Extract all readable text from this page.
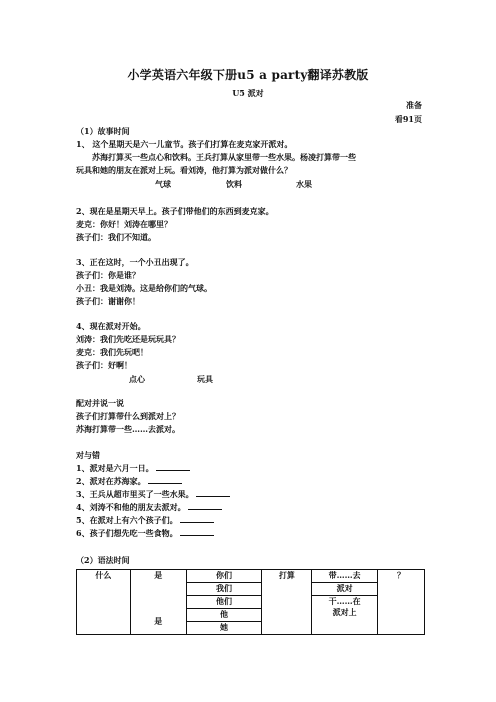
小学英语六年级下册u5 a party翻译苏教版
U5 派对
准备
看91页
（1）故事时间
1、 这个星期天是六一儿童节。孩子们打算在麦克家开派对。
苏海打算买一些点心和饮料。王兵打算从家里带一些水果。杨凌打算带一些
玩具和她的朋友在派对上玩。看刘涛，他打算为派对做什么？
气球	饮料	水果
2、现在是星期天早上。孩子们带他们的东西到麦克家。
麦克：你好！刘涛在哪里？
孩子们：我们不知道。
3、正在这时，一个小丑出现了。
孩子们：你是谁？
小丑：我是刘涛。这是给你们的气球。
孩子们：谢谢你！
4、现在派对开始。
刘涛：我们先吃还是玩玩具？
麦克：我们先玩吧！
孩子们：好啊！
点心	玩具
配对并说一说
孩子们打算带什么到派对上？
苏海打算带一些……去派对。
对与错
1、派对是六月一日。
2、派对在苏海家。
3、王兵从超市里买了一些水果。
4、刘涛不和他的朋友去派对。
5、在派对上有六个孩子们。
6、孩子们想先吃一些食物。
（2）语法时间
什么	是	你们	打算	带……去	？
		我们		派对	
		他们		干……在
派对上	

	是	他			
		她			
